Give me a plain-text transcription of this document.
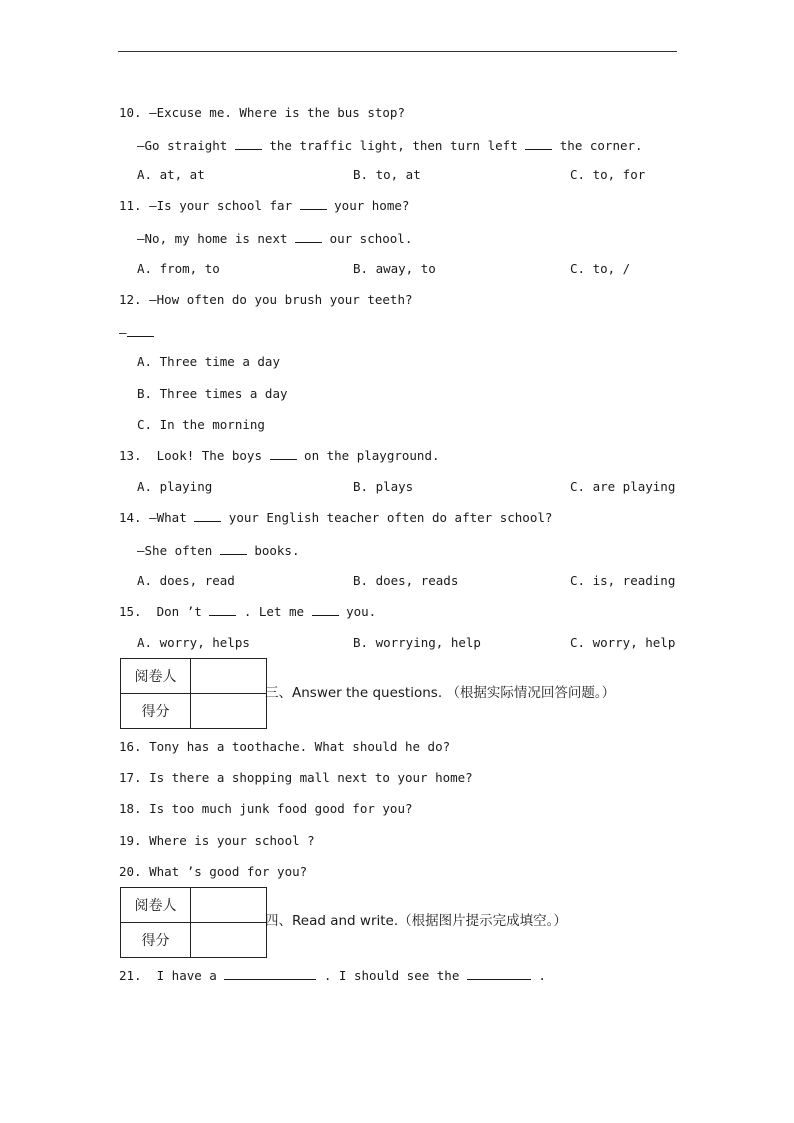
10. —Excuse me. Where is the bus stop?
—Go straight  the traffic light, then turn left  the corner.
A. at, at	B. to, at	C. to, for
11. —Is your school far  your home?
—No, my home is next  our school.
A. from, to	B. away, to	C. to, /
12. —How often do you brush your teeth?
—
A. Three time a day
B. Three times a day
C. In the morning
13.  Look! The boys  on the playground.
A. playing	B. plays	C. are playing
14. —What  your English teacher often do after school?
—She often  books.
A. does, read	B. does, reads	C. is, reading
15.  Don ’t  . Let me  you.
A. worry, helps	B. worrying, help	C. worry, help
阅卷人	
得分	
三、Answer the questions. （根据实际情况回答问题。）
16. Tony has a toothache. What should he do?
17. Is there a shopping mall next to your home?
18. Is too much junk food good for you?
19. Where is your school ?
20. What ’s good for you?
阅卷人	
得分	
四、Read and write.（根据图片提示完成填空。）
21.  I have a	. I should see the	.
